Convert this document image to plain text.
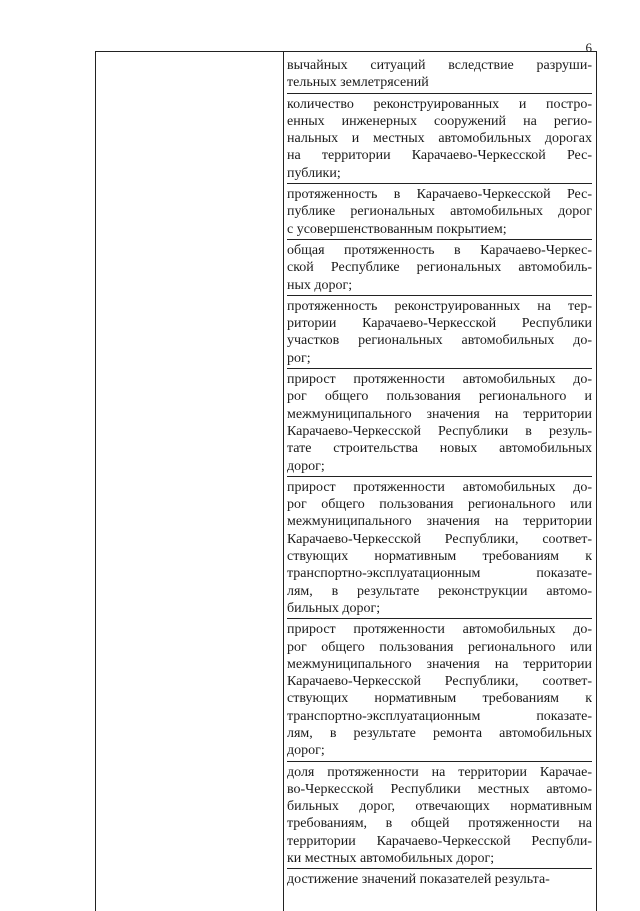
6
вычайных ситуаций вследствие разруши-
тельных землетрясений
количество реконструированных и постро-
енных инженерных сооружений на регио-
нальных и местных автомобильных дорогах
на территории Карачаево-Черкесской Рес-
публики;
протяженность в Карачаево-Черкесской Рес-
публике региональных автомобильных дорог
с усовершенствованным покрытием;
общая протяженность в Карачаево-Черкес-
ской Республике региональных автомобиль-
ных дорог;
протяженность реконструированных на тер-
ритории Карачаево-Черкесской Республики
участков региональных автомобильных до-
рог;
прирост протяженности автомобильных до-
рог общего пользования регионального и
межмуниципального значения на территории
Карачаево-Черкесской Республики в резуль-
тате строительства новых автомобильных
дорог;
прирост протяженности автомобильных до-
рог общего пользования регионального или
межмуниципального значения на территории
Карачаево-Черкесской Республики, соответ-
ствующих нормативным требованиям к
транспортно-эксплуатационным показате-
лям, в результате реконструкции автомо-
бильных дорог;
прирост протяженности автомобильных до-
рог общего пользования регионального или
межмуниципального значения на территории
Карачаево-Черкесской Республики, соответ-
ствующих нормативным требованиям к
транспортно-эксплуатационным показате-
лям, в результате ремонта автомобильных
дорог;
доля протяженности на территории Карачае-
во-Черкесской Республики местных автомо-
бильных дорог, отвечающих нормативным
требованиям, в общей протяженности на
территории Карачаево-Черкесской Республи-
ки местных автомобильных дорог;
достижение значений показателей результа-
